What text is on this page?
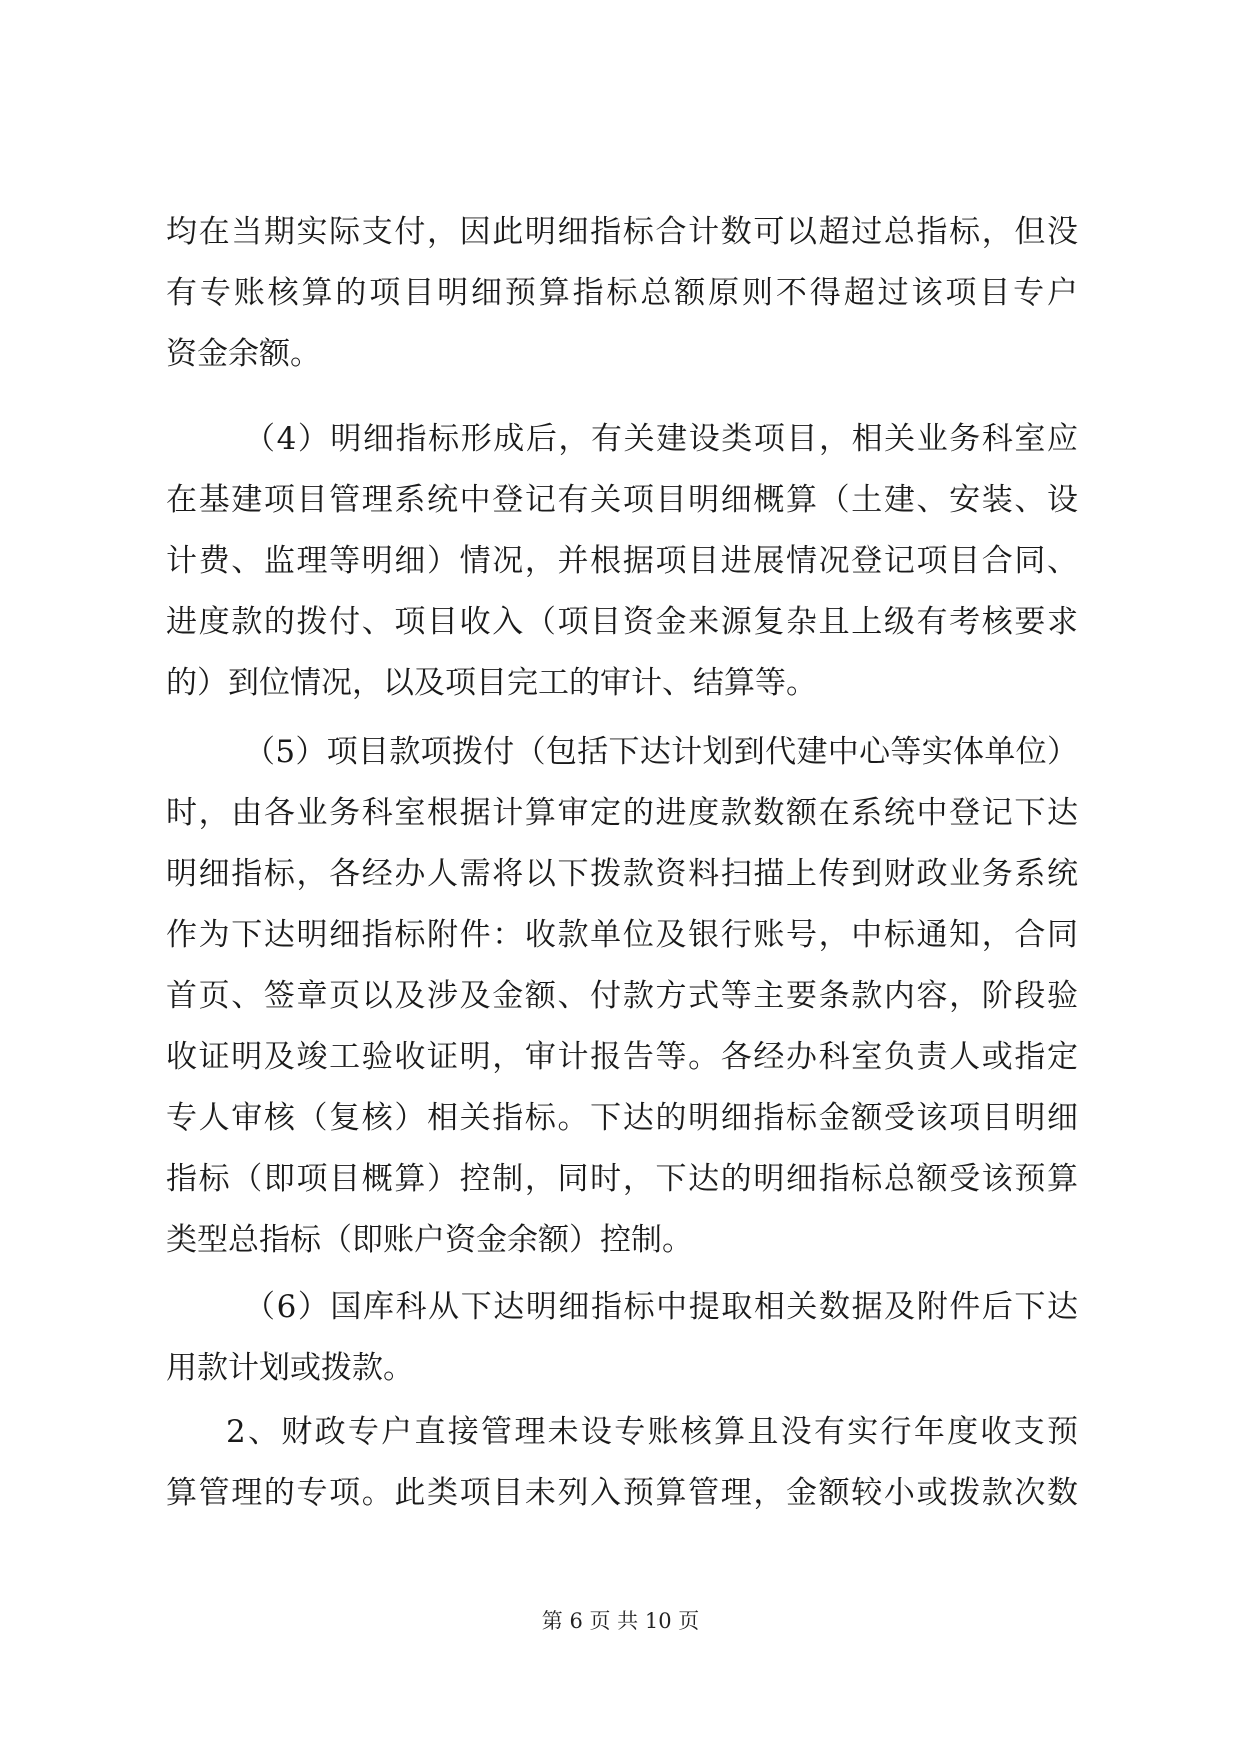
均在当期实际支付，因此明细指标合计数可以超过总指标，但没
有专账核算的项目明细预算指标总额原则不得超过该项目专户
资金余额。
（4）明细指标形成后，有关建设类项目，相关业务科室应
在基建项目管理系统中登记有关项目明细概算（土建、安装、设
计费、监理等明细）情况，并根据项目进展情况登记项目合同、
进度款的拨付、项目收入（项目资金来源复杂且上级有考核要求
的）到位情况，以及项目完工的审计、结算等。
（5）项目款项拨付（包括下达计划到代建中心等实体单位）
时，由各业务科室根据计算审定的进度款数额在系统中登记下达
明细指标，各经办人需将以下拨款资料扫描上传到财政业务系统
作为下达明细指标附件：收款单位及银行账号，中标通知，合同
首页、签章页以及涉及金额、付款方式等主要条款内容，阶段验
收证明及竣工验收证明，审计报告等。各经办科室负责人或指定
专人审核（复核）相关指标。下达的明细指标金额受该项目明细
指标（即项目概算）控制，同时，下达的明细指标总额受该预算
类型总指标（即账户资金余额）控制。
（6）国库科从下达明细指标中提取相关数据及附件后下达
用款计划或拨款。
2、财政专户直接管理未设专账核算且没有实行年度收支预
算管理的专项。此类项目未列入预算管理，金额较小或拨款次数
第 6 页 共 10 页
